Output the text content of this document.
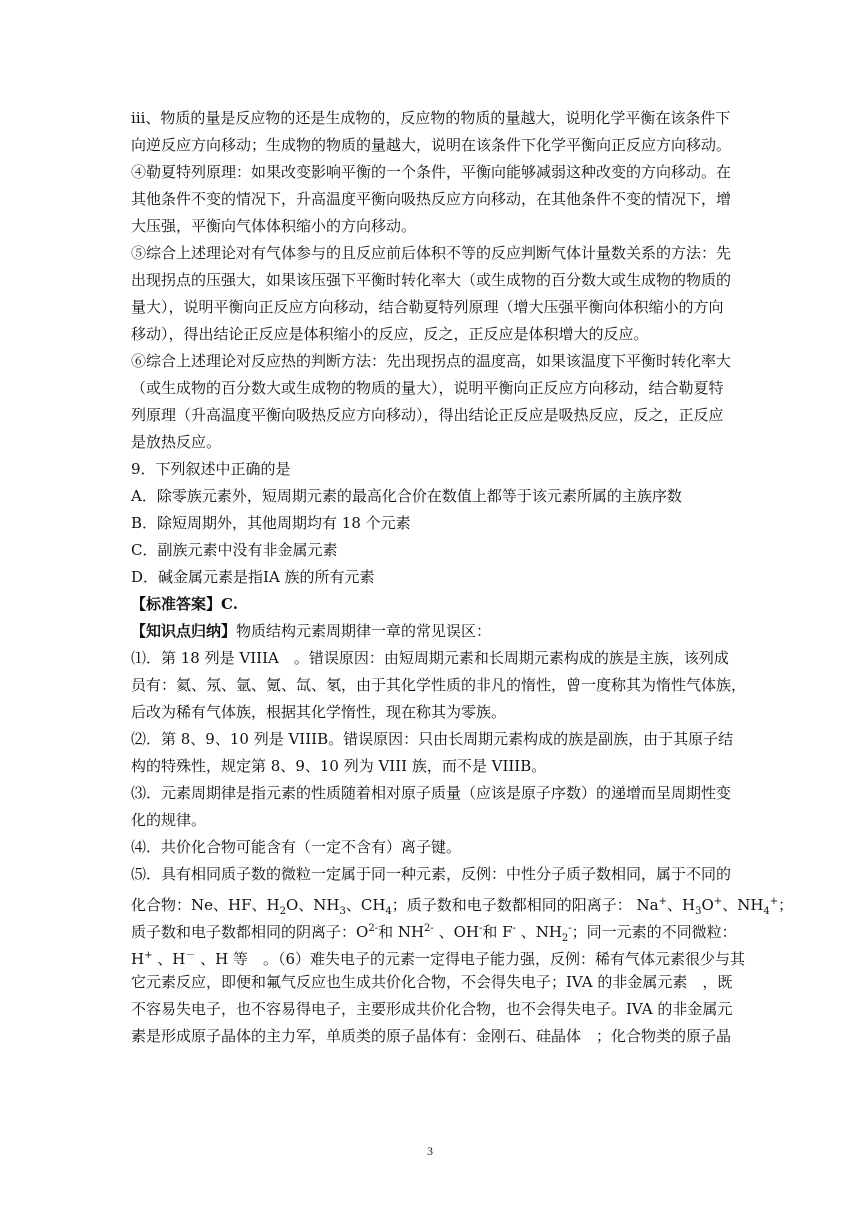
ⅲ、物质的量是反应物的还是生成物的，反应物的物质的量越大，说明化学平衡在该条件下
向逆反应方向移动；生成物的物质的量越大，说明在该条件下化学平衡向正反应方向移动。
④勒夏特列原理：如果改变影响平衡的一个条件，平衡向能够减弱这种改变的方向移动。在
其他条件不变的情况下，升高温度平衡向吸热反应方向移动，在其他条件不变的情况下，增
大压强，平衡向气体体积缩小的方向移动。
⑤综合上述理论对有气体参与的且反应前后体积不等的反应判断气体计量数关系的方法：先
出现拐点的压强大，如果该压强下平衡时转化率大（或生成物的百分数大或生成物的物质的
量大），说明平衡向正反应方向移动，结合勒夏特列原理（增大压强平衡向体积缩小的方向
移动），得出结论正反应是体积缩小的反应，反之，正反应是体积增大的反应。
⑥综合上述理论对反应热的判断方法：先出现拐点的温度高，如果该温度下平衡时转化率大
（或生成物的百分数大或生成物的物质的量大），说明平衡向正反应方向移动，结合勒夏特
列原理（升高温度平衡向吸热反应方向移动），得出结论正反应是吸热反应，反之，正反应
是放热反应。
9．下列叙述中正确的是
A．除零族元素外，短周期元素的最高化合价在数值上都等于该元素所属的主族序数
B．除短周期外，其他周期均有 18 个元素
C．副族元素中没有非金属元素
D．碱金属元素是指ⅠA 族的所有元素
【标准答案】C.
【知识点归纳】物质结构元素周期律一章的常见误区：
⑴．第 18 列是 VIIIA　。错误原因：由短周期元素和长周期元素构成的族是主族，该列成
员有：氦、氖、氩、氪、氙、氡，由于其化学性质的非凡的惰性，曾一度称其为惰性气体族，
后改为稀有气体族，根据其化学惰性，现在称其为零族。
⑵．第 8、9、10 列是 VIIIB。错误原因：只由长周期元素构成的族是副族，由于其原子结
构的特殊性，规定第 8、9、10 列为 VIII 族，而不是 VIIIB。
⑶．元素周期律是指元素的性质随着相对原子质量（应该是原子序数）的递增而呈周期性变
化的规律。
⑷．共价化合物可能含有（一定不含有）离子键。
⑸．具有相同质子数的微粒一定属于同一种元素，反例：中性分子质子数相同，属于不同的
化合物：Ne、HF、$H_2O$、$NH_3$、$CH_4$；质子数和电子数都相同的阳离子： Na+、$H_3O^+$、$NH_4^+$；
质子数和电子数都相同的阴离子：$O^{2-}$和 $NH^{2-}$ 、OH-和 F- 、$NH_2^-$；同一元素的不同微粒：
H+ 、H－ 、H 等　。（6）难失电子的元素一定得电子能力强，反例：稀有气体元素很少与其
它元素反应，即便和氟气反应也生成共价化合物，不会得失电子；IVA 的非金属元素　，既
不容易失电子，也不容易得电子，主要形成共价化合物，也不会得失电子。IVA 的非金属元
素是形成原子晶体的主力军，单质类的原子晶体有：金刚石、硅晶体　；化合物类的原子晶
3
